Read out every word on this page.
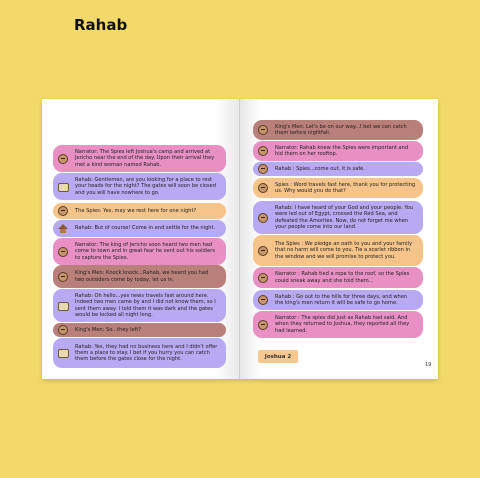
Rahab
Narrator: The Spies left Joshua's camp and arrived at Jericho near the end of the day. Upon their arrival they met a kind woman named Rahab.
Rahab: Gentlemen, are you looking for a place to rest your heads for the night? The gates will soon be closed and you will have nowhere to go.
The Spies: Yes, may we rest here for one night?
Rahab: But of course! Come in and settle for the night.
Narrator: The king of Jericho soon heard two men had come to town and in great fear he sent out his soldiers to capture the Spies.
King's Men: Knock knock...Rahab, we heard you had two outsiders come by today, let us in.
Rahab: Oh hello...yes news travels fast around here. Indeed two men came by and I did not know them, so I sent them away. I told them it was dark and the gates would be locked all night long.
King's Men: So...they left?
Rahab: Yes, they had no business here and I didn't offer them a place to stay. I bet if you hurry you can catch them before the gates close for the night.
King's Men: Let's be on our way...I bet we can catch them before nightfall.
Narrator: Rahab knew the Spies were important and hid them on her rooftop.
Rahab : Spies...come out, it is safe.
Spies : Word travels fast here, thank you for protecting us. Why would you do that?
Rahab: I have heard of your God and your people. You were led out of Egypt, crossed the Red Sea, and defeated the Amorites. Now, do not forget me when your people come into our land.
The Spies : We pledge an oath to you and your family that no harm will come to you. Tie a scarlet ribbon in the window and we will promise to protect you.
Narrator : Rahab tied a rope to the roof, so the Spies could sneak away and she told them...
Rahab : Go out to the hills for three days, and when the king's men return it will be safe to go home.
Narrator : The spies did just as Rahab had said. And when they returned to Joshua, they reported all they had learned.
Joshua 2
19
